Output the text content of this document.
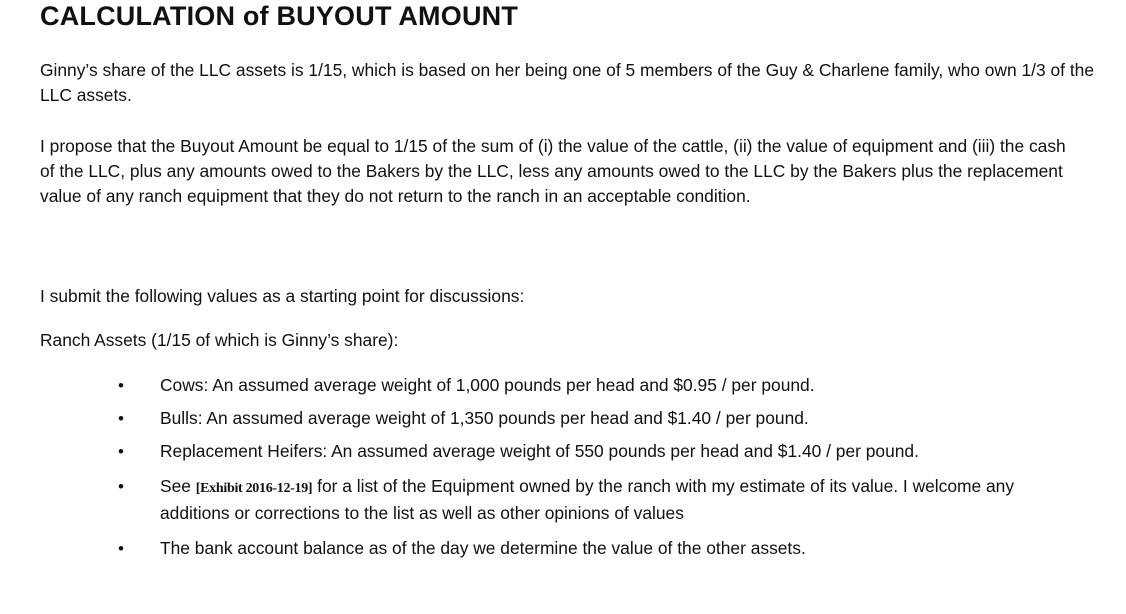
CALCULATION of BUYOUT AMOUNT

Ginny’s share of the LLC assets is 1/15, which is based on her being one of 5 members of the Guy & Charlene family, who own 1/3 of the LLC assets.

I propose that the Buyout Amount be equal to 1/15 of the sum of (i) the value of the cattle, (ii) the value of equipment and (iii) the cash of the LLC, plus any amounts owed to the Bakers by the LLC, less any amounts owed to the LLC by the Bakers plus the replacement value of any ranch equipment that they do not return to the ranch in an acceptable condition.

I submit the following values as a starting point for discussions:

Ranch Assets (1/15 of which is Ginny’s share):

• Cows: An assumed average weight of 1,000 pounds per head and $0.95 / per pound.
• Bulls: An assumed average weight of 1,350 pounds per head and $1.40 / per pound.
• Replacement Heifers: An assumed average weight of 550 pounds per head and $1.40 / per pound.
• See [Exhibit 2016-12-19] for a list of the Equipment owned by the ranch with my estimate of its value. I welcome any additions or corrections to the list as well as other opinions of values
• The bank account balance as of the day we determine the value of the other assets.
